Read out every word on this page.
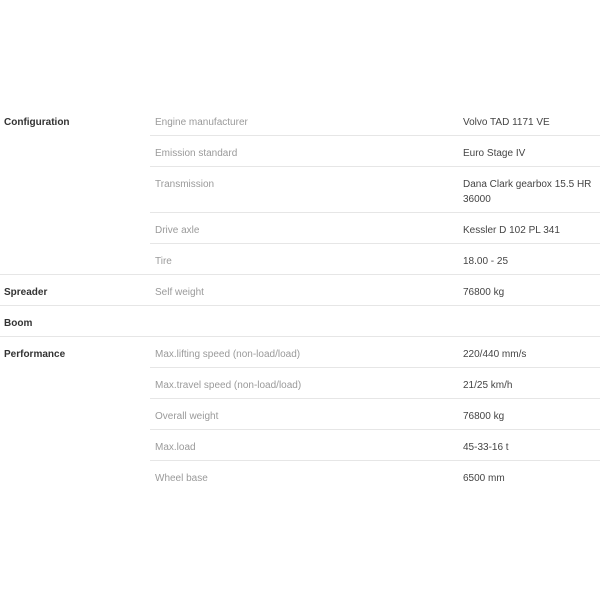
Configuration	Engine manufacturer	Volvo TAD 1171 VE
Emission standard	Euro Stage IV
Transmission	Dana Clark gearbox 15.5 HR 36000
Drive axle	Kessler D 102 PL 341
Tire	18.00 - 25
Spreader	Self weight	76800 kg
Boom
Performance	Max.lifting speed (non-load/load)	220/440 mm/s
Max.travel speed (non-load/load)	21/25 km/h
Overall weight	76800 kg
Max.load	45-33-16 t
Wheel base	6500 mm
